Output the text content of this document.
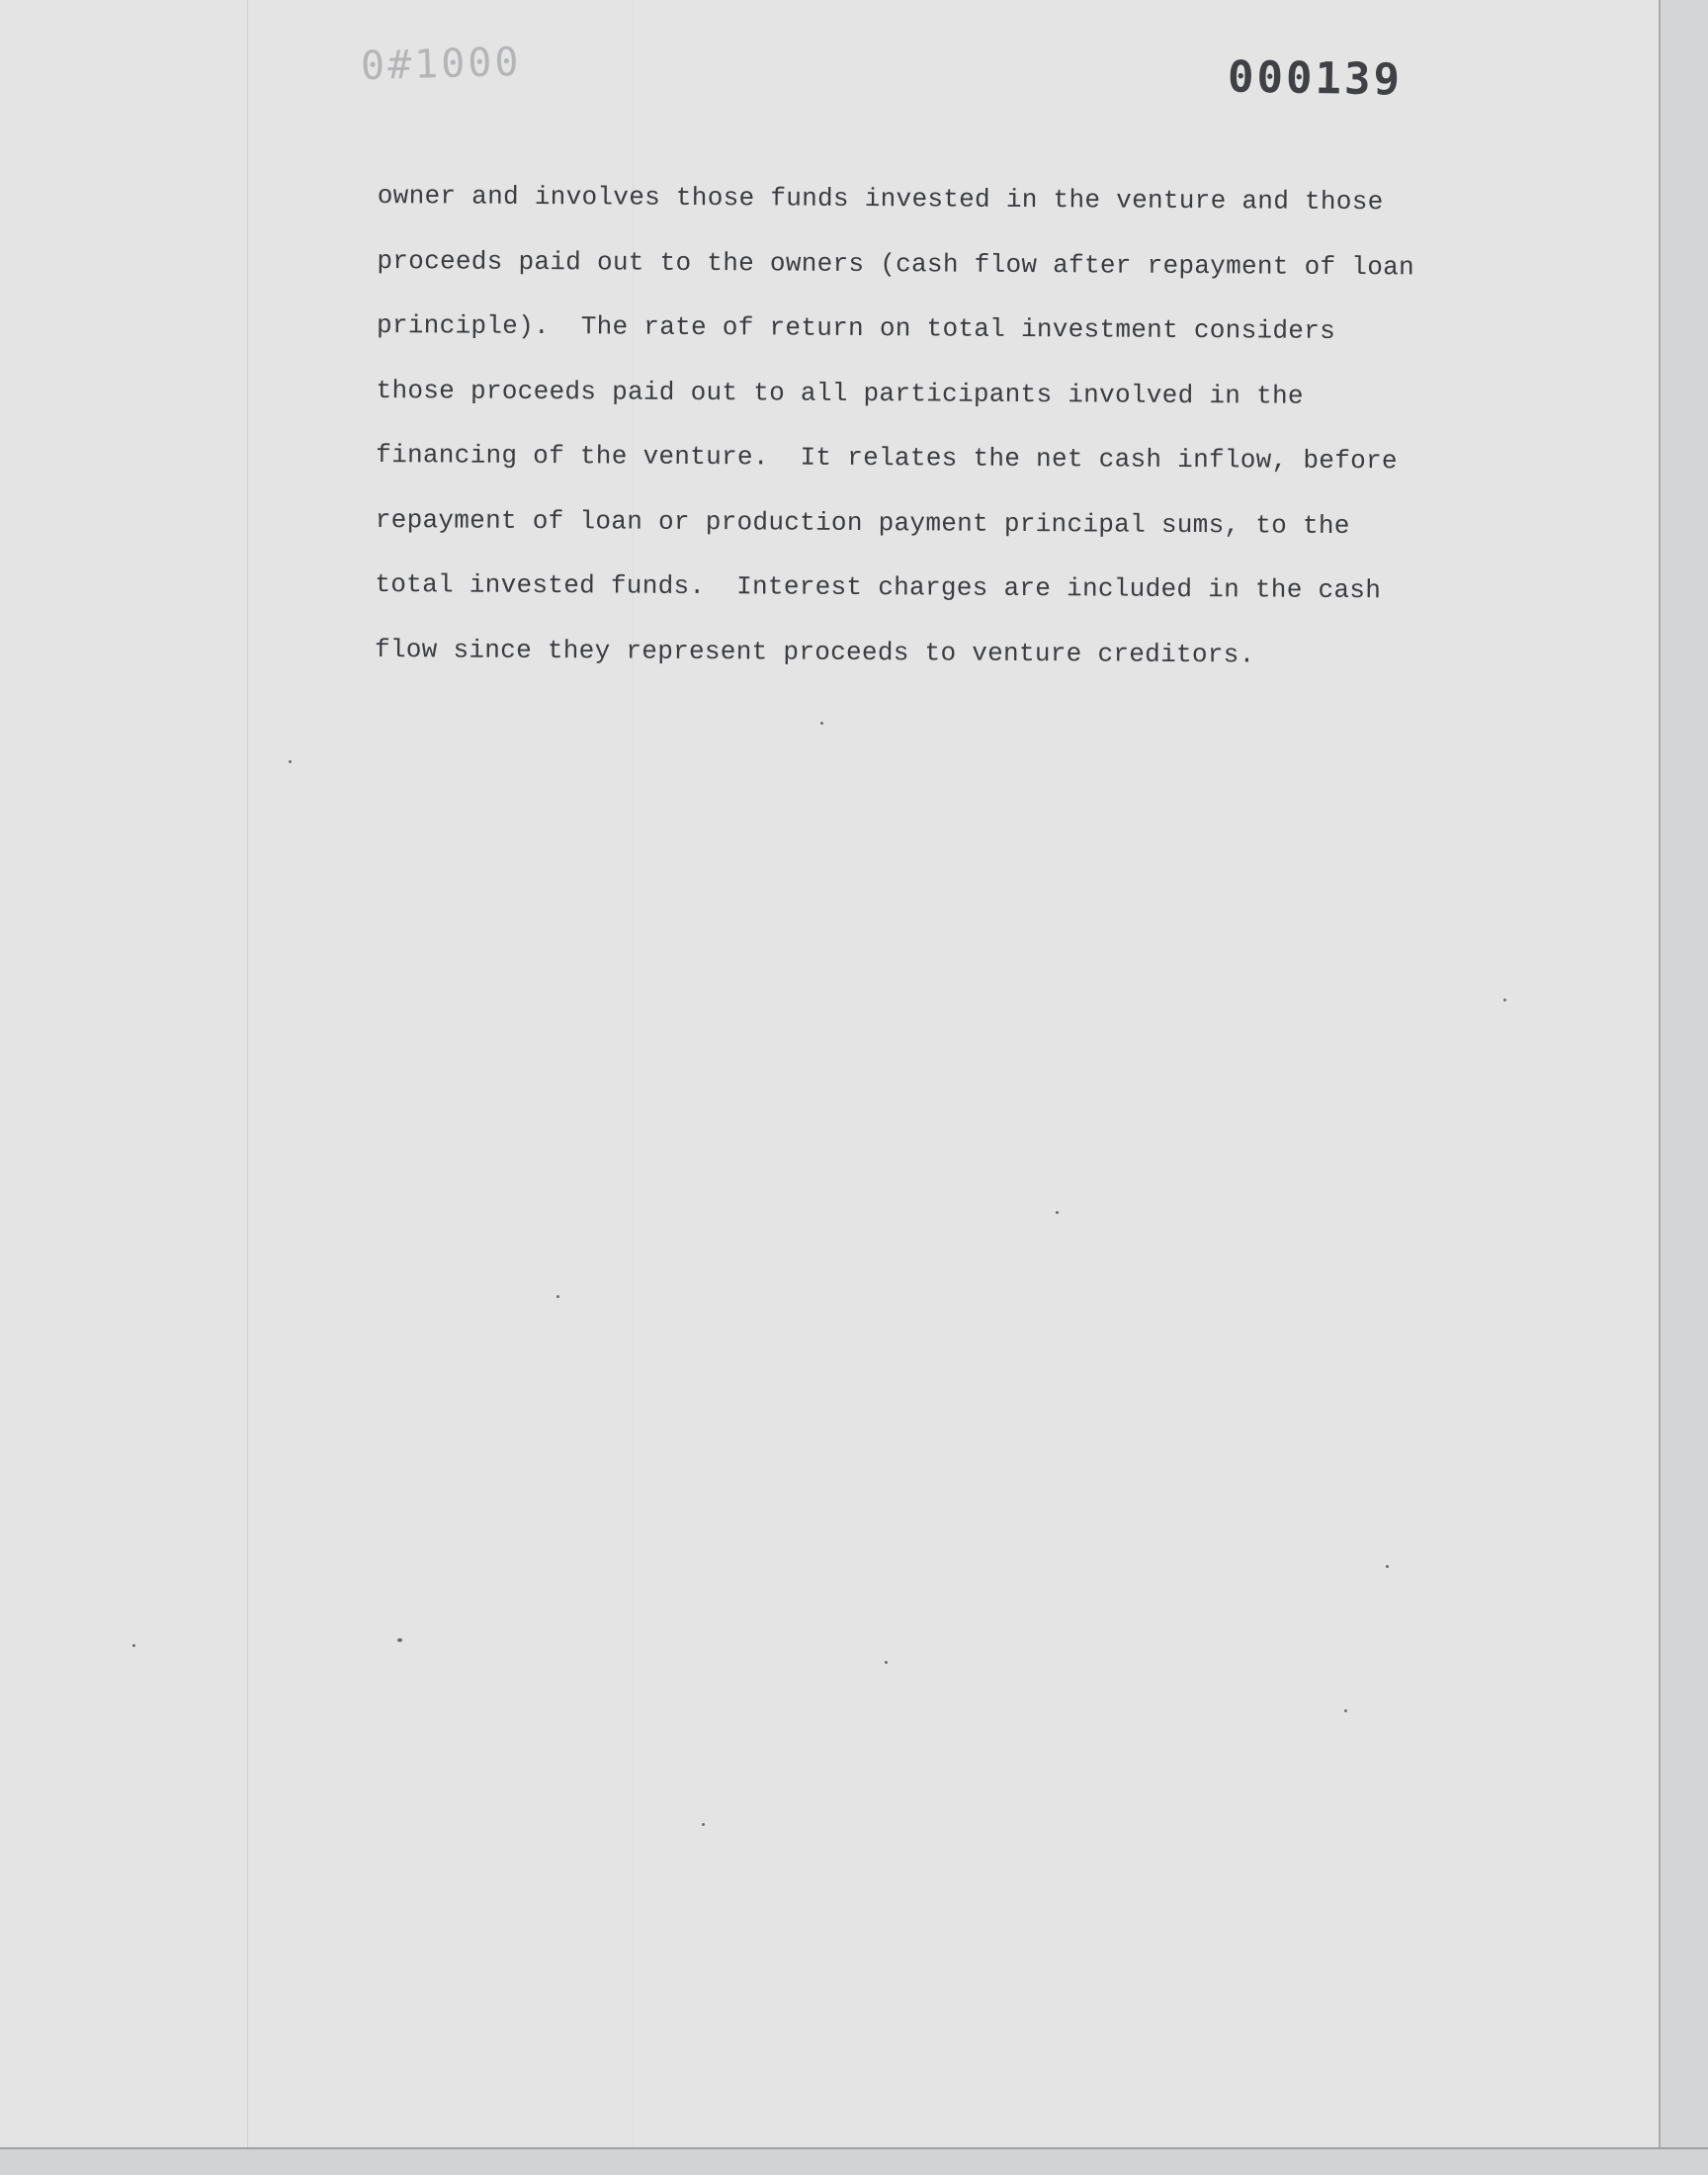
0#1000	000139
owner and involves those funds invested in the venture and those
proceeds paid out to the owners (cash flow after repayment of loan
principle).  The rate of return on total investment considers
those proceeds paid out to all participants involved in the
financing of the venture.  It relates the net cash inflow, before
repayment of loan or production payment principal sums, to the
total invested funds.  Interest charges are included in the cash
flow since they represent proceeds to venture creditors.
